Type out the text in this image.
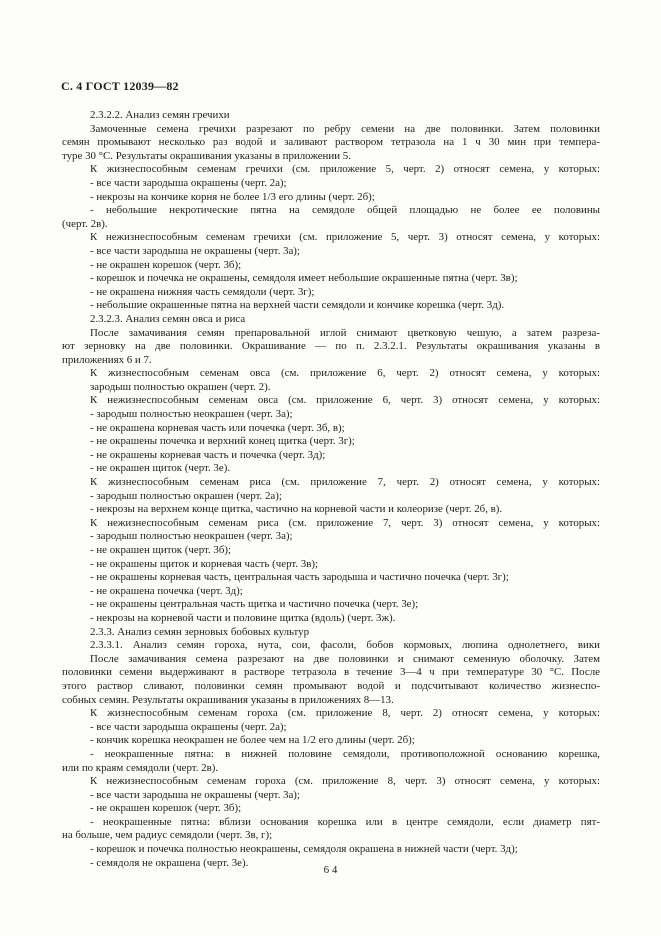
С. 4 ГОСТ 12039—82

2.3.2.2. Анализ семян гречихи

Замоченные семена гречихи разрезают по ребру семени на две половинки. Затем половинки

семян промывают несколько раз водой и заливают раствором тетразола на 1 ч 30 мин при темпера-

туре 30 °С. Результаты окрашивания указаны в приложении 5.

К жизнеспособным семенам гречихи (см. приложение 5, черт. 2) относят семена, у которых:

- все части зародыша окрашены (черт. 2а);

- некрозы на кончике корня не более 1/3 его длины (черт. 2б);

- небольшие некротические пятна на семядоле общей площадью не более ее половины

(черт. 2в).

К нежизнеспособным семенам гречихи (см. приложение 5, черт. 3) относят семена, у которых:

- все части зародыша не окрашены (черт. 3а);

- не окрашен корешок (черт. 3б);

- корешок и почечка не окрашены, семядоля имеет небольшие окрашенные пятна (черт. 3в);

- не окрашена нижняя часть семядоли (черт. 3г);

- небольшие окрашенные пятна на верхней части семядоли и кончике корешка (черт. 3д).

2.3.2.3. Анализ семян овса и риса

После замачивания семян препаровальной иглой снимают цветковую чешую, а затем разреза-

ют зерновку на две половинки. Окрашивание — по п. 2.3.2.1. Результаты окрашивания указаны в

приложениях 6 и 7.

К жизнеспособным семенам овса (см. приложение 6, черт. 2) относят семена, у которых:

зародыш полностью окрашен (черт. 2).

К нежизнеспособным семенам овса (см. приложение 6, черт. 3) относят семена, у которых:

- зародыш полностью неокрашен (черт. 3а);

- не окрашена корневая часть или почечка (черт. 3б, в);

- не окрашены почечка и верхний конец щитка (черт. 3г);

- не окрашены корневая часть и почечка (черт. 3д);

- не окрашен щиток (черт. 3е).

К жизнеспособным семенам риса (см. приложение 7, черт. 2) относят семена, у которых:

- зародыш полностью окрашен (черт. 2а);

- некрозы на верхнем конце щитка, частично на корневой части и колеоризе (черт. 2б, в).

К нежизнеспособным семенам риса (см. приложение 7, черт. 3) относят семена, у которых:

- зародыш полностью неокрашен (черт. 3а);

- не окрашен щиток (черт. 3б);

- не окрашены щиток и корневая часть (черт. 3в);

- не окрашены корневая часть, центральная часть зародыша и частично почечка (черт. 3г);

- не окрашена почечка (черт. 3д);

- не окрашены центральная часть щитка и частично почечка (черт. 3е);

- некрозы на корневой части и половине щитка (вдоль) (черт. 3ж).

2.3.3. Анализ семян зерновых бобовых культур

2.3.3.1. Анализ семян гороха, нута, сои, фасоли, бобов кормовых, люпина однолетнего, вики

После замачивания семена разрезают на две половинки и снимают семенную оболочку. Затем

половинки семени выдерживают в растворе тетразола в течение 3—4 ч при температуре 30 °С. После

этого раствор сливают, половинки семян промывают водой и подсчитывают количество жизнеспо-

собных семян. Результаты окрашивания указаны в приложениях 8—13.

К жизнеспособным семенам гороха (см. приложение 8, черт. 2) относят семена, у которых:

- все части зародыша окрашены (черт. 2а);

- кончик корешка неокрашен не более чем на 1/2 его длины (черт. 2б);

- неокрашенные пятна: в нижней половине семядоли, противоположной основанию корешка,

или по краям семядоли (черт. 2в).

К нежизнеспособным семенам гороха (см. приложение 8, черт. 3) относят семена, у которых:

- все части зародыша не окрашены (черт. 3а);

- не окрашен корешок (черт. 3б);

- неокрашенные пятна: вблизи основания корешка или в центре семядоли, если диаметр пят-

на больше, чем радиус семядоли (черт. 3в, г);

- корешок и почечка полностью неокрашены, семядоля окрашена в нижней части (черт. 3д);

- семядоля не окрашена (черт. 3е).

6 4
